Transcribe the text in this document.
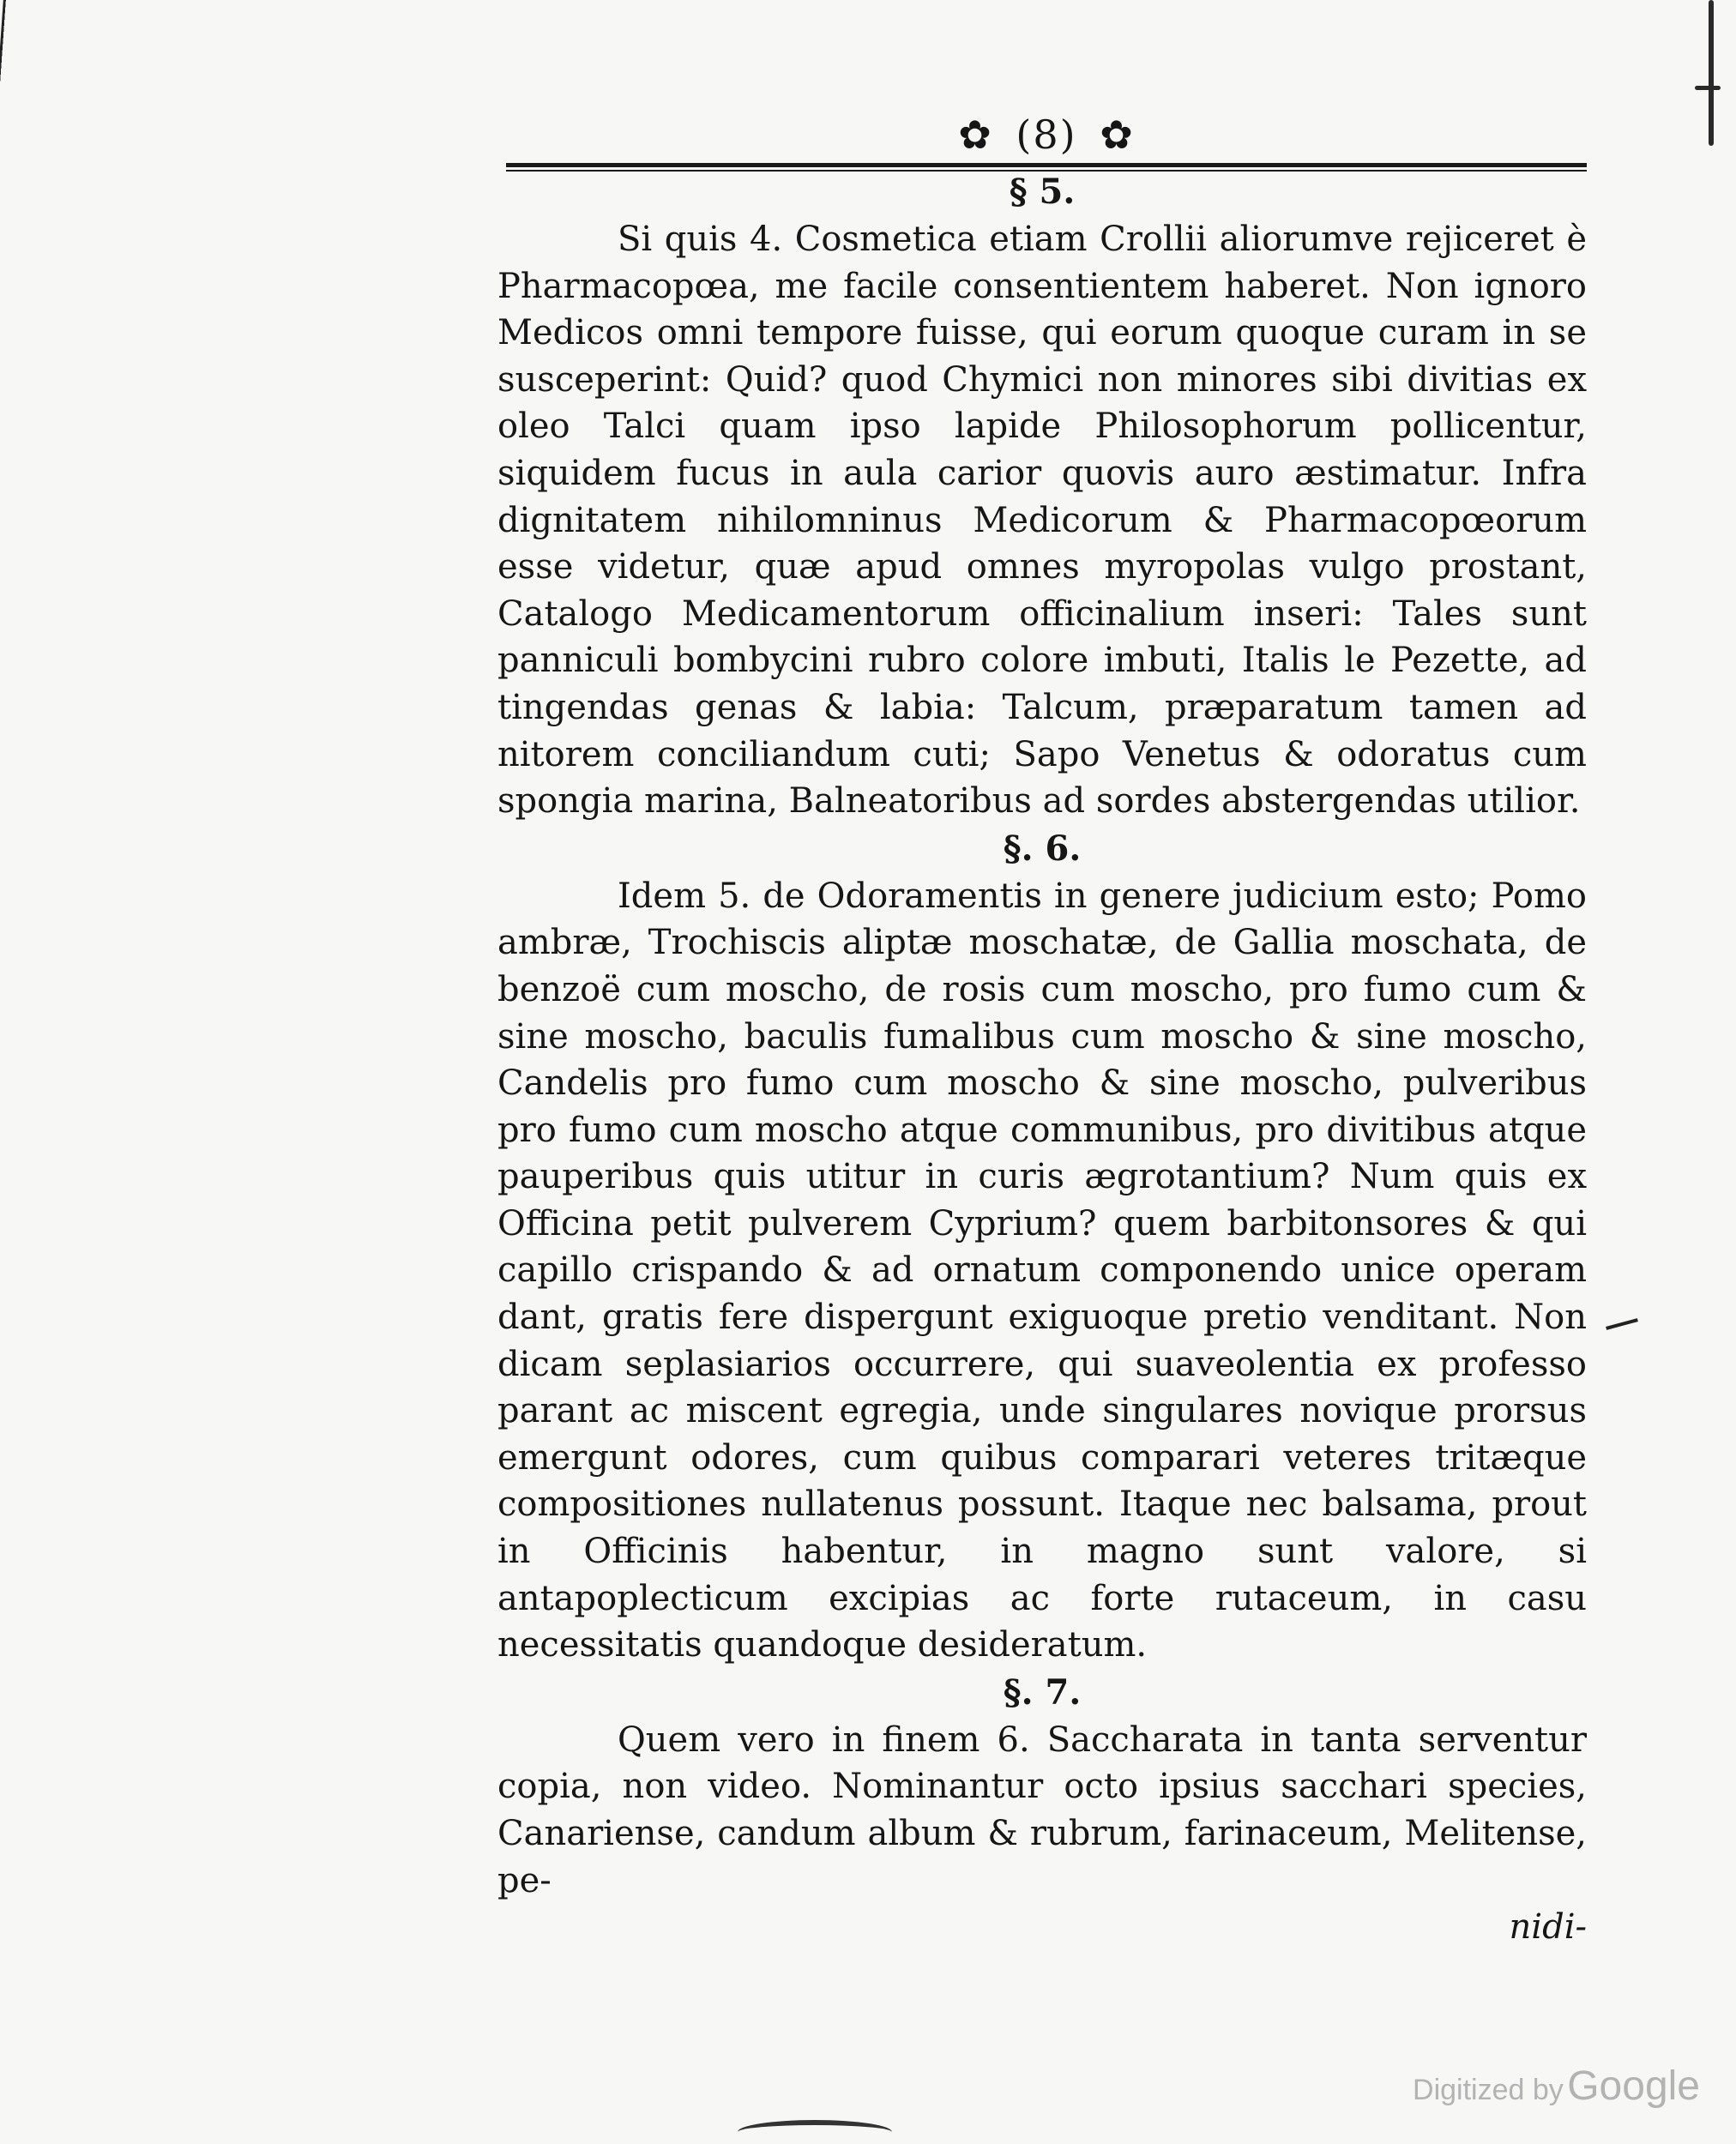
✿ (8) ✿
§ 5.

Si quis 4. Cosmetica etiam Crollii aliorumve rejiceret è Pharmacopœa, me facile consentientem haberet. Non ignoro Medicos omni tempore fuisse, qui eorum quoque curam in se susceperint: Quid? quod Chymici non minores sibi divitias ex oleo Talci quam ipso lapide Philosophorum pollicentur, siquidem fucus in aula carior quovis auro æstimatur. Infra dignitatem nihilomninus Medicorum & Pharmacopœorum esse videtur, quæ apud omnes myropolas vulgo prostant, Catalogo Medicamentorum officinalium inseri: Tales sunt panniculi bombycini rubro colore imbuti, Italis le Pezette, ad tingendas genas & labia: Talcum, præparatum tamen ad nitorem conciliandum cuti; Sapo Venetus & odoratus cum spongia marina, Balneatoribus ad sordes abstergendas utilior.

§. 6.

Idem 5. de Odoramentis in genere judicium esto; Pomo ambræ, Trochiscis aliptæ moschatæ, de Gallia moschata, de benzoë cum moscho, de rosis cum moscho, pro fumo cum & sine moscho, baculis fumalibus cum moscho & sine moscho, Candelis pro fumo cum moscho & sine moscho, pulveribus pro fumo cum moscho atque communibus, pro divitibus atque pauperibus quis utitur in curis ægrotantium? Num quis ex Officina petit pulverem Cyprium? quem barbitonsores & qui capillo crispando & ad ornatum componendo unice operam dant, gratis fere dispergunt exiguoque pretio venditant. Non dicam seplasiarios occurrere, qui suaveolentia ex professo parant ac miscent egregia, unde singulares novique prorsus emergunt odores, cum quibus comparari veteres tritæque compositiones nullatenus possunt. Itaque nec balsama, prout in Officinis habentur, in magno sunt valore, si antapoplecticum excipias ac forte rutaceum, in casu necessitatis quandoque desideratum.

§. 7.

Quem vero in finem 6. Saccharata in tanta serventur copia, non video. Nominantur octo ipsius sacchari species, Canariense, candum album & rubrum, farinaceum, Melitense, pe-

nidi-

Digitized by Google
